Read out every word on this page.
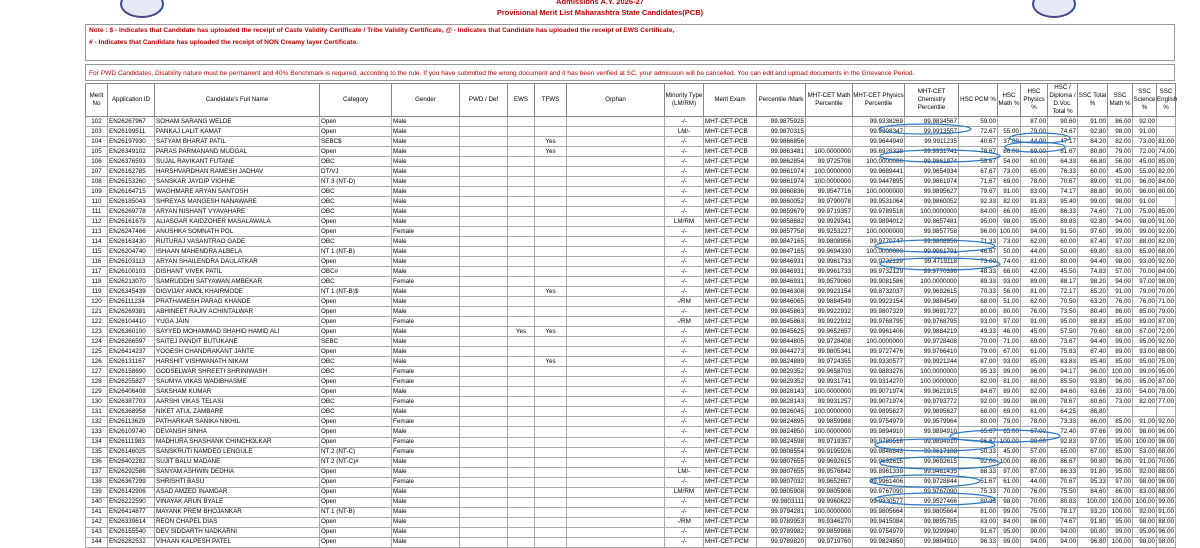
Admissions A.Y. 2026-27
Provisional Merit List Maharashtra State Candidates(PCB)
Note : $ - Indicates that Candidate has uploaded the receipt of Caste Validity Certificate / Tribe Validity Certificate, @ - Indicates that Candidate has uploaded the receipt of EWS Certificate,
# - Indicates that Candidate has uploaded the receipt of NON Creamy layer Certificate.
For PWD Candidates, Disability nature must be permanent and 40% Benchmark is required, according to the rule. If you have submitted the wrong document and it has been verified at SC, your admission will be cancelled. You can edit and upload documents in the Grievance Period.
Merit No	Application ID	Candidate's Full Name	Category	Gender	PWD / Def	EWS	TFWS	Orphan	Minority Type (LM/RM)	Merit Exam	Percentile /Mark	MHT-CET Math Percentile	MHT-CET Physics Percentile	MHT-CET Chemistry Percentile	HSC PCM %	HSC Math %	HSC Physics %	HSC / Diploma / D.Voc. Total %	SSC Total %	SSC Math %	SSC Science %	SSC English %
102	EN26267967	SOHAM SARANG WELDE	Open	Male					-/-	MHT-CET-PCB	99.9875925		99.9338269	99.9834567	59.00		87.00	90.60	91.00	86.00	92.00	
103	EN26199511	PANKAJ LALIT KAMAT	Open	Male					LM/-	MHT-CET-PCB	99.9870315		99.9308347	99.9913557	72.67	55.00	79.00	74.67	92.80	98.00	91.00	
104	EN26197930	SATYAM BHARAT PATIL	SEBC$	Male			Yes		-/-	MHT-CET-PCB	99.9866856		99.9644949	99.9911235	40.67	37.00	44.00	47.17	84.20	82.00	73.00	81.00
105	EN26349102	PARAS PARMANAND MUDGAL	Open	Male			Yes		-/-	MHT-CET-PCB	99.9863481	100.0000000	99.6928328	99.9931741	78.67	86.00	69.00	81.67	80.80	79.00	72.00	74.00
106	EN26376593	SUJAL RAVIKANT FUTANE	OBC	Male					-/-	MHT-CET-PCM	99.9862854	99.9725708	100.0000000	99.9861974	59.67	54.00	60.00	64.33	66.80	56.00	45.00	85.00
107	EN26162785	HARSHVARDHAN RAMESH JADHAV	DT/VJ	Male					-/-	MHT-CET-PCM	99.9861974	100.0000000	99.9689441	99.9654934	67.67	73.00	65.00	76.33	60.00	45.00	55.00	82.00
108	EN26153260	SANSKAR JAYDIP VIGHNE	NT 3 (NT-D)	Male					-/-	MHT-CET-PCM	99.9861974	100.0000000	99.9447895	99.9861974	71.67	69.00	78.00	70.67	89.00	91.00	96.00	84.00
109	EN26164715	WAGHMARE ARYAN SANTOSH	OBC	Male					-/-	MHT-CET-PCM	99.9860836	99.9547716	100.0000000	99.9895627	79.67	91.00	83.00	74.17	88.80	90.00	96.00	80.00
110	EN26185043	SHREYAS MANGESH NANAWARE	OBC	Male					-/-	MHT-CET-PCM	99.9860052	99.9790078	99.9531064	99.9860052	92.33	82.00	91.83	95.40	99.00	98.00	91.00	
111	EN26269778	ARYAN NISHANT VYAVAHARE	OBC	Male					-/-	MHT-CET-PCM	99.9859679	99.9719357	99.9789518	100.0000000	84.00	86.00	85.00	86.33	74.60	71.00	75.00	85.00
112	EN26161679	ALIASGAR KAIDZOHER MASALAWALA	Open	Male					LM/RM	MHT-CET-PCM	99.9858682	99.9929341	99.9894012	99.8657481	95.00	98.00	95.00	89.83	92.80	94.00	98.00	91.00
113	EN26247466	ANUSHKA SOMNATH POL	Open	Female					-/-	MHT-CET-PCM	99.9857758	99.9253227	100.0000000	99.9857758	96.00	100.00	94.00	91.50	97.60	99.00	99.00	92.00
114	EN26163430	RUTURAJ VASANTRAO GADE	OBC	Male					-/-	MHT-CET-PCM	99.9847165	99.9808956	99.9770747	99.9808956	71.33	73.00	62.00	60.00	87.40	97.00	88.00	82.00
115	EN26204740	ISHAAN MAHENDRA ALBELA	NT 1 (NT-B)	Male					-/-	MHT-CET-PCM	99.9847165	99.9694330	100.0000000	99.9961791	46.67	50.00	44.00	50.00	69.80	63.00	65.00	68.00
116	EN26103113	ARYAN SHAILENDRA DAULATKAR	Open	Male					-/-	MHT-CET-PCM	99.9846931	99.9961733	99.9732129	99.4719118	73.00	74.00	81.00	80.00	94.40	98.00	93.00	92.00
117	EN26100103	DISHANT VIVEK PATIL	OBC#	Male					-/-	MHT-CET-PCM	99.9846931	99.9961733	99.9732129	99.9770396	48.33	66.00	42.00	45.50	74.83	57.00	70.00	84.00
118	EN26213070	SAMRUDDHI SATYAWAN AMBEKAR	OBC	Female					-/-	MHT-CET-PCM	99.9846931	99.9579060	99.9081586	100.0000000	89.33	93.00	89.00	88.17	98.20	94.00	97.00	98.00
119	EN26345439	DIGVIJAY AMOL KHAIRMODE	NT 1 (NT-B)$	Male			Yes		-/-	MHT-CET-PCM	99.9846308	99.9923154	99.8732037	99.9692615	70.33	56.00	81.00	72.17	85.20	91.00	79.00	70.00
120	EN26111234	PRATHAMESH PARAG KHANDE	Open	Male					-/RM	MHT-CET-PCM	99.9846065	99.9884549	99.9923154	99.9884549	68.00	51.00	62.00	70.50	63.20	76.00	76.00	71.00
121	EN26269381	ABHINEET RAJIV ACHINTALWAR	Open	Male					-/-	MHT-CET-PCM	99.9845863	99.9922932	99.9807329	99.9691727	80.00	80.00	76.00	73.50	80.40	86.00	85.00	79.00
122	EN26104410	YUGA JAIN	Open	Female					-/RM	MHT-CET-PCM	99.9845863	99.9922932	99.9768795	99.9768795	93.00	97.00	91.00	95.00	88.83	85.00	89.00	87.00
123	EN26360100	SAYYED MOHAMMAD SHAHID HAMID ALI	Open	Male		Yes	Yes		-/-	MHT-CET-PCM	99.9845625	99.9652657	99.9961406	99.9884219	49.33	46.00	45.00	57.50	70.60	68.00	67.00	72.00
124	EN26266597	SAITEJ PANDIT BUTUKANE	SEBC	Male					-/-	MHT-CET-PCM	99.9844805	99.9728408	100.0000000	99.9728408	70.00	71.00	69.00	73.67	94.40	99.00	95.00	92.00
125	EN26414237	YOGESH CHANDRAKANT JANTE	Open	Male					-/-	MHT-CET-PCM	99.9844273	99.9805341	99.9727476	99.9766410	79.00	67.00	61.00	75.83	87.40	89.00	93.00	88.00
126	EN26131167	HARSHIT VISHWANATH NIKAM	OBC	Male			Yes		-/-	MHT-CET-PCM	99.9824889	99.9724355	99.9330577	99.9921244	87.00	93.00	85.00	83.83	85.40	85.00	95.00	75.00
127	EN26158690	GODSELWAR SHREETI SHRINIWASH	OBC	Female					-/-	MHT-CET-PCM	99.9829352	99.9658703	99.9883276	100.0000000	95.33	99.00	96.00	94.17	96.00	100.00	99.00	95.00
128	EN26255827	SAUMYA VIKAS WADIBHASME	Open	Female					-/-	MHT-CET-PCM	99.9829352	99.9931741	99.9314270	100.0000000	82.00	81.00	88.00	85.50	93.80	96.00	95.00	87.00
129	EN26406408	SAKSHAM KUMAR	Open	Male					-/-	MHT-CET-PCM	99.9828143	100.0000000	99.9071974	99.9621915	84.67	89.00	82.00	84.60	63.66	33.00	54.00	78.00
130	EN26387703	AARSHI VIKAS TELASI	OBC	Female					-/-	MHT-CET-PCM	99.9828143	99.9931257	99.9071974	99.9793772	92.00	99.00	98.00	78.67	80.60	73.00	82.00	77.00
131	EN26368958	NIKET ATUL ZAMBARE	OBC	Male					-/-	MHT-CET-PCM	99.9826045	100.0000000	99.9895627	99.9895627	68.00	69.00	61.00	64.25	86.80			
132	EN26113629	PATHARKAR SANIKA NIKHIL	Open	Female					-/-	MHT-CET-PCM	99.9824895	99.9859988	99.9754979	99.9579964	80.00	79.00	78.00	73.33	86.00	85.00	91.00	92.00
133	EN26109740	DEVANSH SINHA	Open	Male					-/-	MHT-CET-PCM	99.9824850	100.0000000	99.9894910	99.9894910	65.67	65.00	67.00	72.40	97.66	99.00	98.00	96.00
134	EN26111983	MADHURA SHASHANK CHINCHOLKAR	Open	Female					-/-	MHT-CET-PCM	99.9824598	99.9719357	99.9789518	99.9894910	96.67	100.00	98.00	92.83	97.00	95.00	100.00	96.00
135	EN26146025	SANSKRUTI NAMDEO LENGULE	NT 2 (NT-C)	Female					-/-	MHT-CET-PCM	99.9808554	99.9195926	99.9846843	99.9617108	50.33	45.00	57.00	65.00	67.00	65.00	53.00	68.00
136	EN26402282	SUJIT BALU MADANE	NT 2 (NT-C)#	Male					-/-	MHT-CET-PCM	99.9807655	99.9692615	99.9692615	99.9692615	92.00	100.00	86.00	86.67	90.80	96.00	91.00	70.00
137	EN26292586	SANYAM ASHWIN DEDHIA	Open	Male					LM/-	MHT-CET-PCM	99.9807655	99.9576842	99.8961339	99.9461435	88.33	97.00	87.00	86.33	91.80	95.00	92.00	88.00
138	EN26367299	SHRISHTI BASU	Open	Female					-/-	MHT-CET-PCM	99.9807032	99.9652657	99.9961406	99.9728844	51.67	61.00	44.00	70.67	95.33	97.00	98.00	96.00
139	EN26142906	ASAD AMZED INAMDAR	Open	Male					LM/RM	MHT-CET-PCM	99.9805908	99.9805908	99.9767090	99.9767090	75.33	70.00	76.00	75.50	84.60	86.00	83.00	88.00
140	EN26222590	VINAYAK ARUN BYALE	Open	Male					-/-	MHT-CET-PCM	99.9803111	99.9960622	99.9330577	99.9527466	80.33	98.00	70.00	80.83	100.00	100.00	100.00	99.00
141	EN26414877	MAYANK PREM BHOJANKAR	NT 1 (NT-B)	Male					-/-	MHT-CET-PCM	99.9794281	100.0000000	99.9805664	99.9805664	81.00	99.00	75.00	78.17	93.20	100.00	92.00	91.00
142	EN26339614	REON CHAPEL DIAS	Open	Male					-/RM	MHT-CET-PCM	99.9789953	99.9346270	99.9415084	99.9895785	83.00	84.00	96.00	74.67	91.80	95.00	98.00	88.00
143	EN26155540	DEV SIDDARTH NADKARNI	Open	Male					-/-	MHT-CET-PCM	99.9789982	99.9859988	99.9754979	99.9299940	91.67	95.00	90.00	94.00	90.80	99.00	95.00	96.00
144	EN26282532	VIHAAN KALPESH PATEL	Open	Male					-/-	MHT-CET-PCM	99.9789820	99.9719760	99.9824850	99.9894910	96.33	99.00	94.00	94.00	96.80	100.00	98.00	98.00
